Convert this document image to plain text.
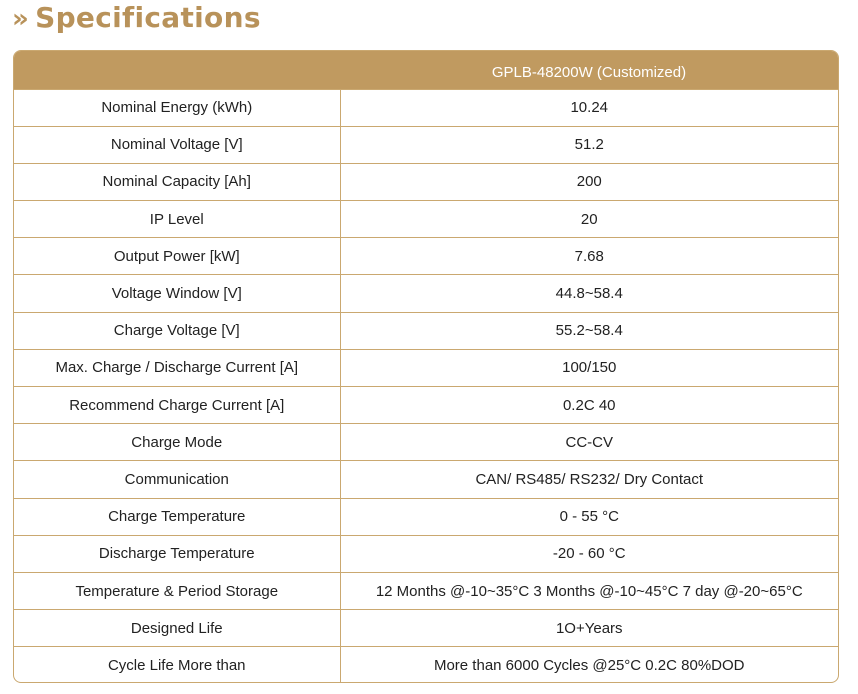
» Specifications
	GPLB-48200W (Customized)
Nominal Energy (kWh)	10.24
Nominal Voltage [V]	51.2
Nominal Capacity [Ah]	200
IP Level	20
Output Power [kW]	7.68
Voltage Window [V]	44.8~58.4
Charge Voltage [V]	55.2~58.4
Max. Charge / Discharge Current [A]	100/150
Recommend Charge Current [A]	0.2C 40
Charge Mode	CC-CV
Communication	CAN/ RS485/ RS232/ Dry Contact
Charge Temperature	0 - 55 °C
Discharge Temperature	-20 - 60 °C
Temperature & Period Storage	12 Months @-10~35°C 3 Months @-10~45°C 7 day @-20~65°C
Designed Life	1O+Years
Cycle Life More than	More than 6000 Cycles @25°C 0.2C 80%DOD
